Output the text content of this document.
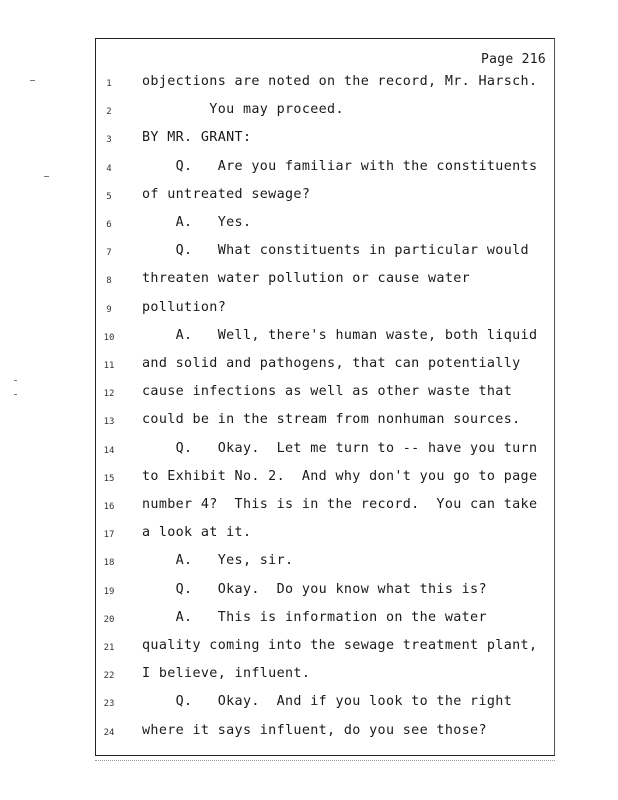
Page 216
1	objections are noted on the record, Mr. Harsch.
2	You may proceed.
3	BY MR. GRANT:
4	Q.   Are you familiar with the constituents
5	of untreated sewage?
6	A.   Yes.
7	Q.   What constituents in particular would
8	threaten water pollution or cause water
9	pollution?
10	A.   Well, there's human waste, both liquid
11	and solid and pathogens, that can potentially
12	cause infections as well as other waste that
13	could be in the stream from nonhuman sources.
14	Q.   Okay.  Let me turn to -- have you turn
15	to Exhibit No. 2.  And why don't you go to page
16	number 4?  This is in the record.  You can take
17	a look at it.
18	A.   Yes, sir.
19	Q.   Okay.  Do you know what this is?
20	A.   This is information on the water
21	quality coming into the sewage treatment plant,
22	I believe, influent.
23	Q.   Okay.  And if you look to the right
24	where it says influent, do you see those?
